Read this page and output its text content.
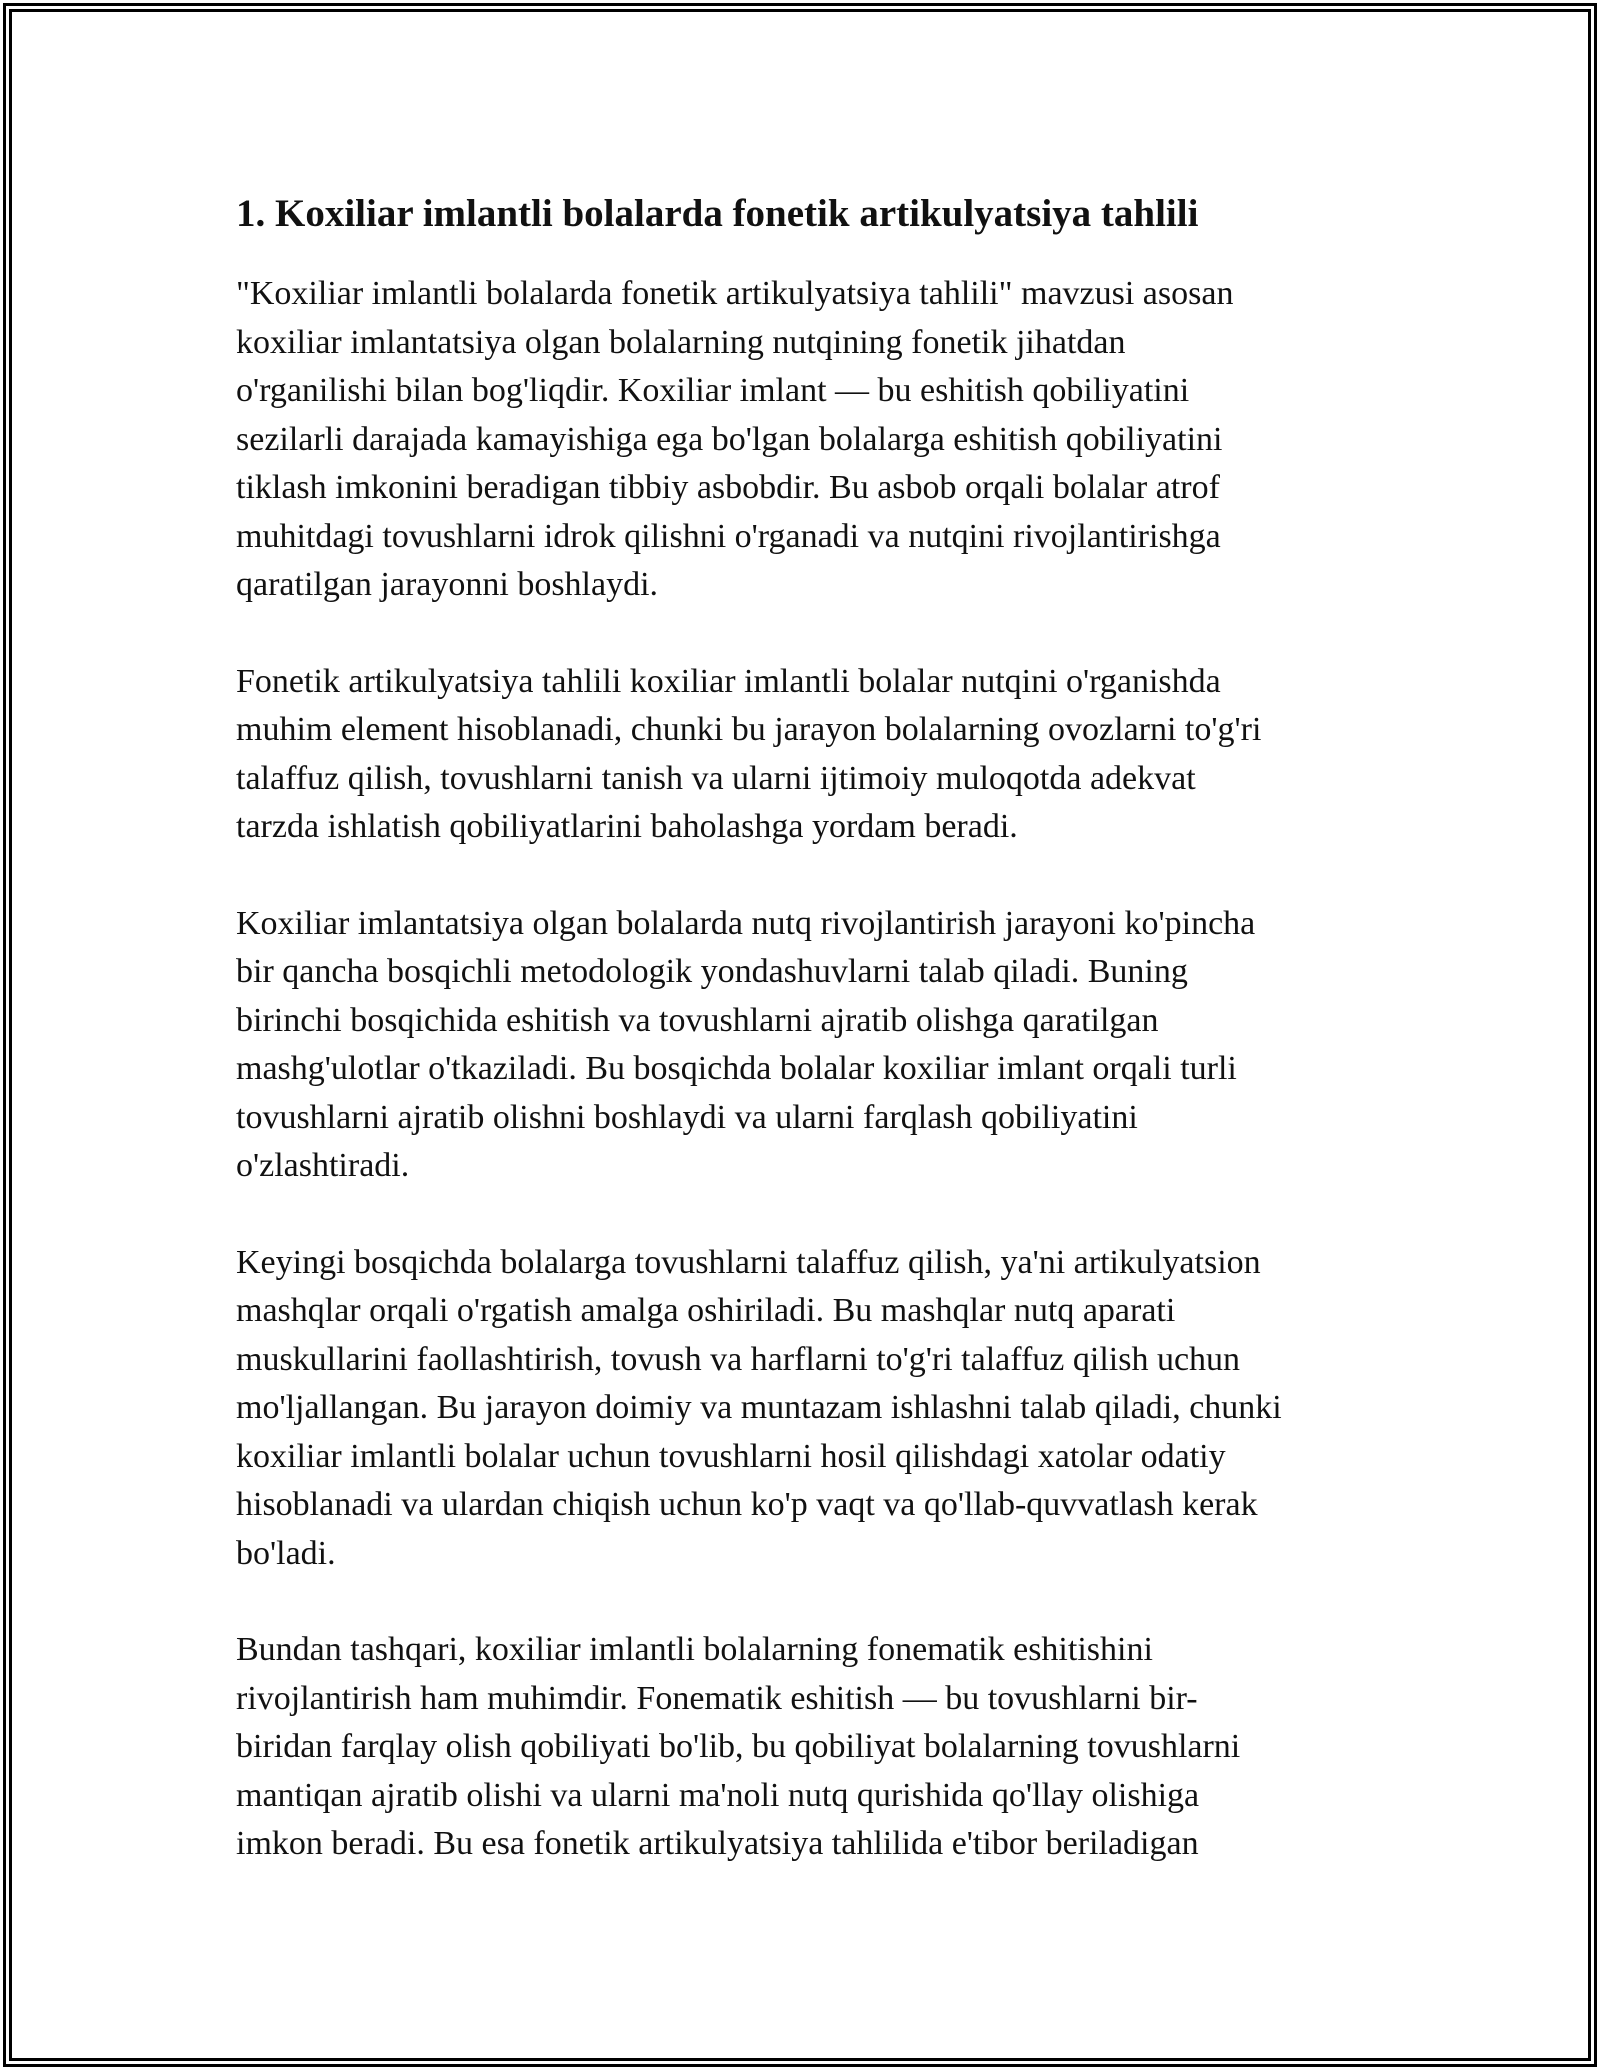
1. Koxiliar imlantli bolalarda fonetik artikulyatsiya tahlili

"Koxiliar imlantli bolalarda fonetik artikulyatsiya tahlili" mavzusi asosan
koxiliar imlantatsiya olgan bolalarning nutqining fonetik jihatdan
o'rganilishi bilan bog'liqdir. Koxiliar imlant — bu eshitish qobiliyatini
sezilarli darajada kamayishiga ega bo'lgan bolalarga eshitish qobiliyatini
tiklash imkonini beradigan tibbiy asbobdir. Bu asbob orqali bolalar atrof
muhitdagi tovushlarni idrok qilishni o'rganadi va nutqini rivojlantirishga
qaratilgan jarayonni boshlaydi.

Fonetik artikulyatsiya tahlili koxiliar imlantli bolalar nutqini o'rganishda
muhim element hisoblanadi, chunki bu jarayon bolalarning ovozlarni to'g'ri
talaffuz qilish, tovushlarni tanish va ularni ijtimoiy muloqotda adekvat
tarzda ishlatish qobiliyatlarini baholashga yordam beradi.

Koxiliar imlantatsiya olgan bolalarda nutq rivojlantirish jarayoni ko'pincha
bir qancha bosqichli metodologik yondashuvlarni talab qiladi. Buning
birinchi bosqichida eshitish va tovushlarni ajratib olishga qaratilgan
mashg'ulotlar o'tkaziladi. Bu bosqichda bolalar koxiliar imlant orqali turli
tovushlarni ajratib olishni boshlaydi va ularni farqlash qobiliyatini
o'zlashtiradi.

Keyingi bosqichda bolalarga tovushlarni talaffuz qilish, ya'ni artikulyatsion
mashqlar orqali o'rgatish amalga oshiriladi. Bu mashqlar nutq aparati
muskullarini faollashtirish, tovush va harflarni to'g'ri talaffuz qilish uchun
mo'ljallangan. Bu jarayon doimiy va muntazam ishlashni talab qiladi, chunki
koxiliar imlantli bolalar uchun tovushlarni hosil qilishdagi xatolar odatiy
hisoblanadi va ulardan chiqish uchun ko'p vaqt va qo'llab-quvvatlash kerak
bo'ladi.

Bundan tashqari, koxiliar imlantli bolalarning fonematik eshitishini
rivojlantirish ham muhimdir. Fonematik eshitish — bu tovushlarni bir-
biridan farqlay olish qobiliyati bo'lib, bu qobiliyat bolalarning tovushlarni
mantiqan ajratib olishi va ularni ma'noli nutq qurishida qo'llay olishiga
imkon beradi. Bu esa fonetik artikulyatsiya tahlilida e'tibor beriladigan
